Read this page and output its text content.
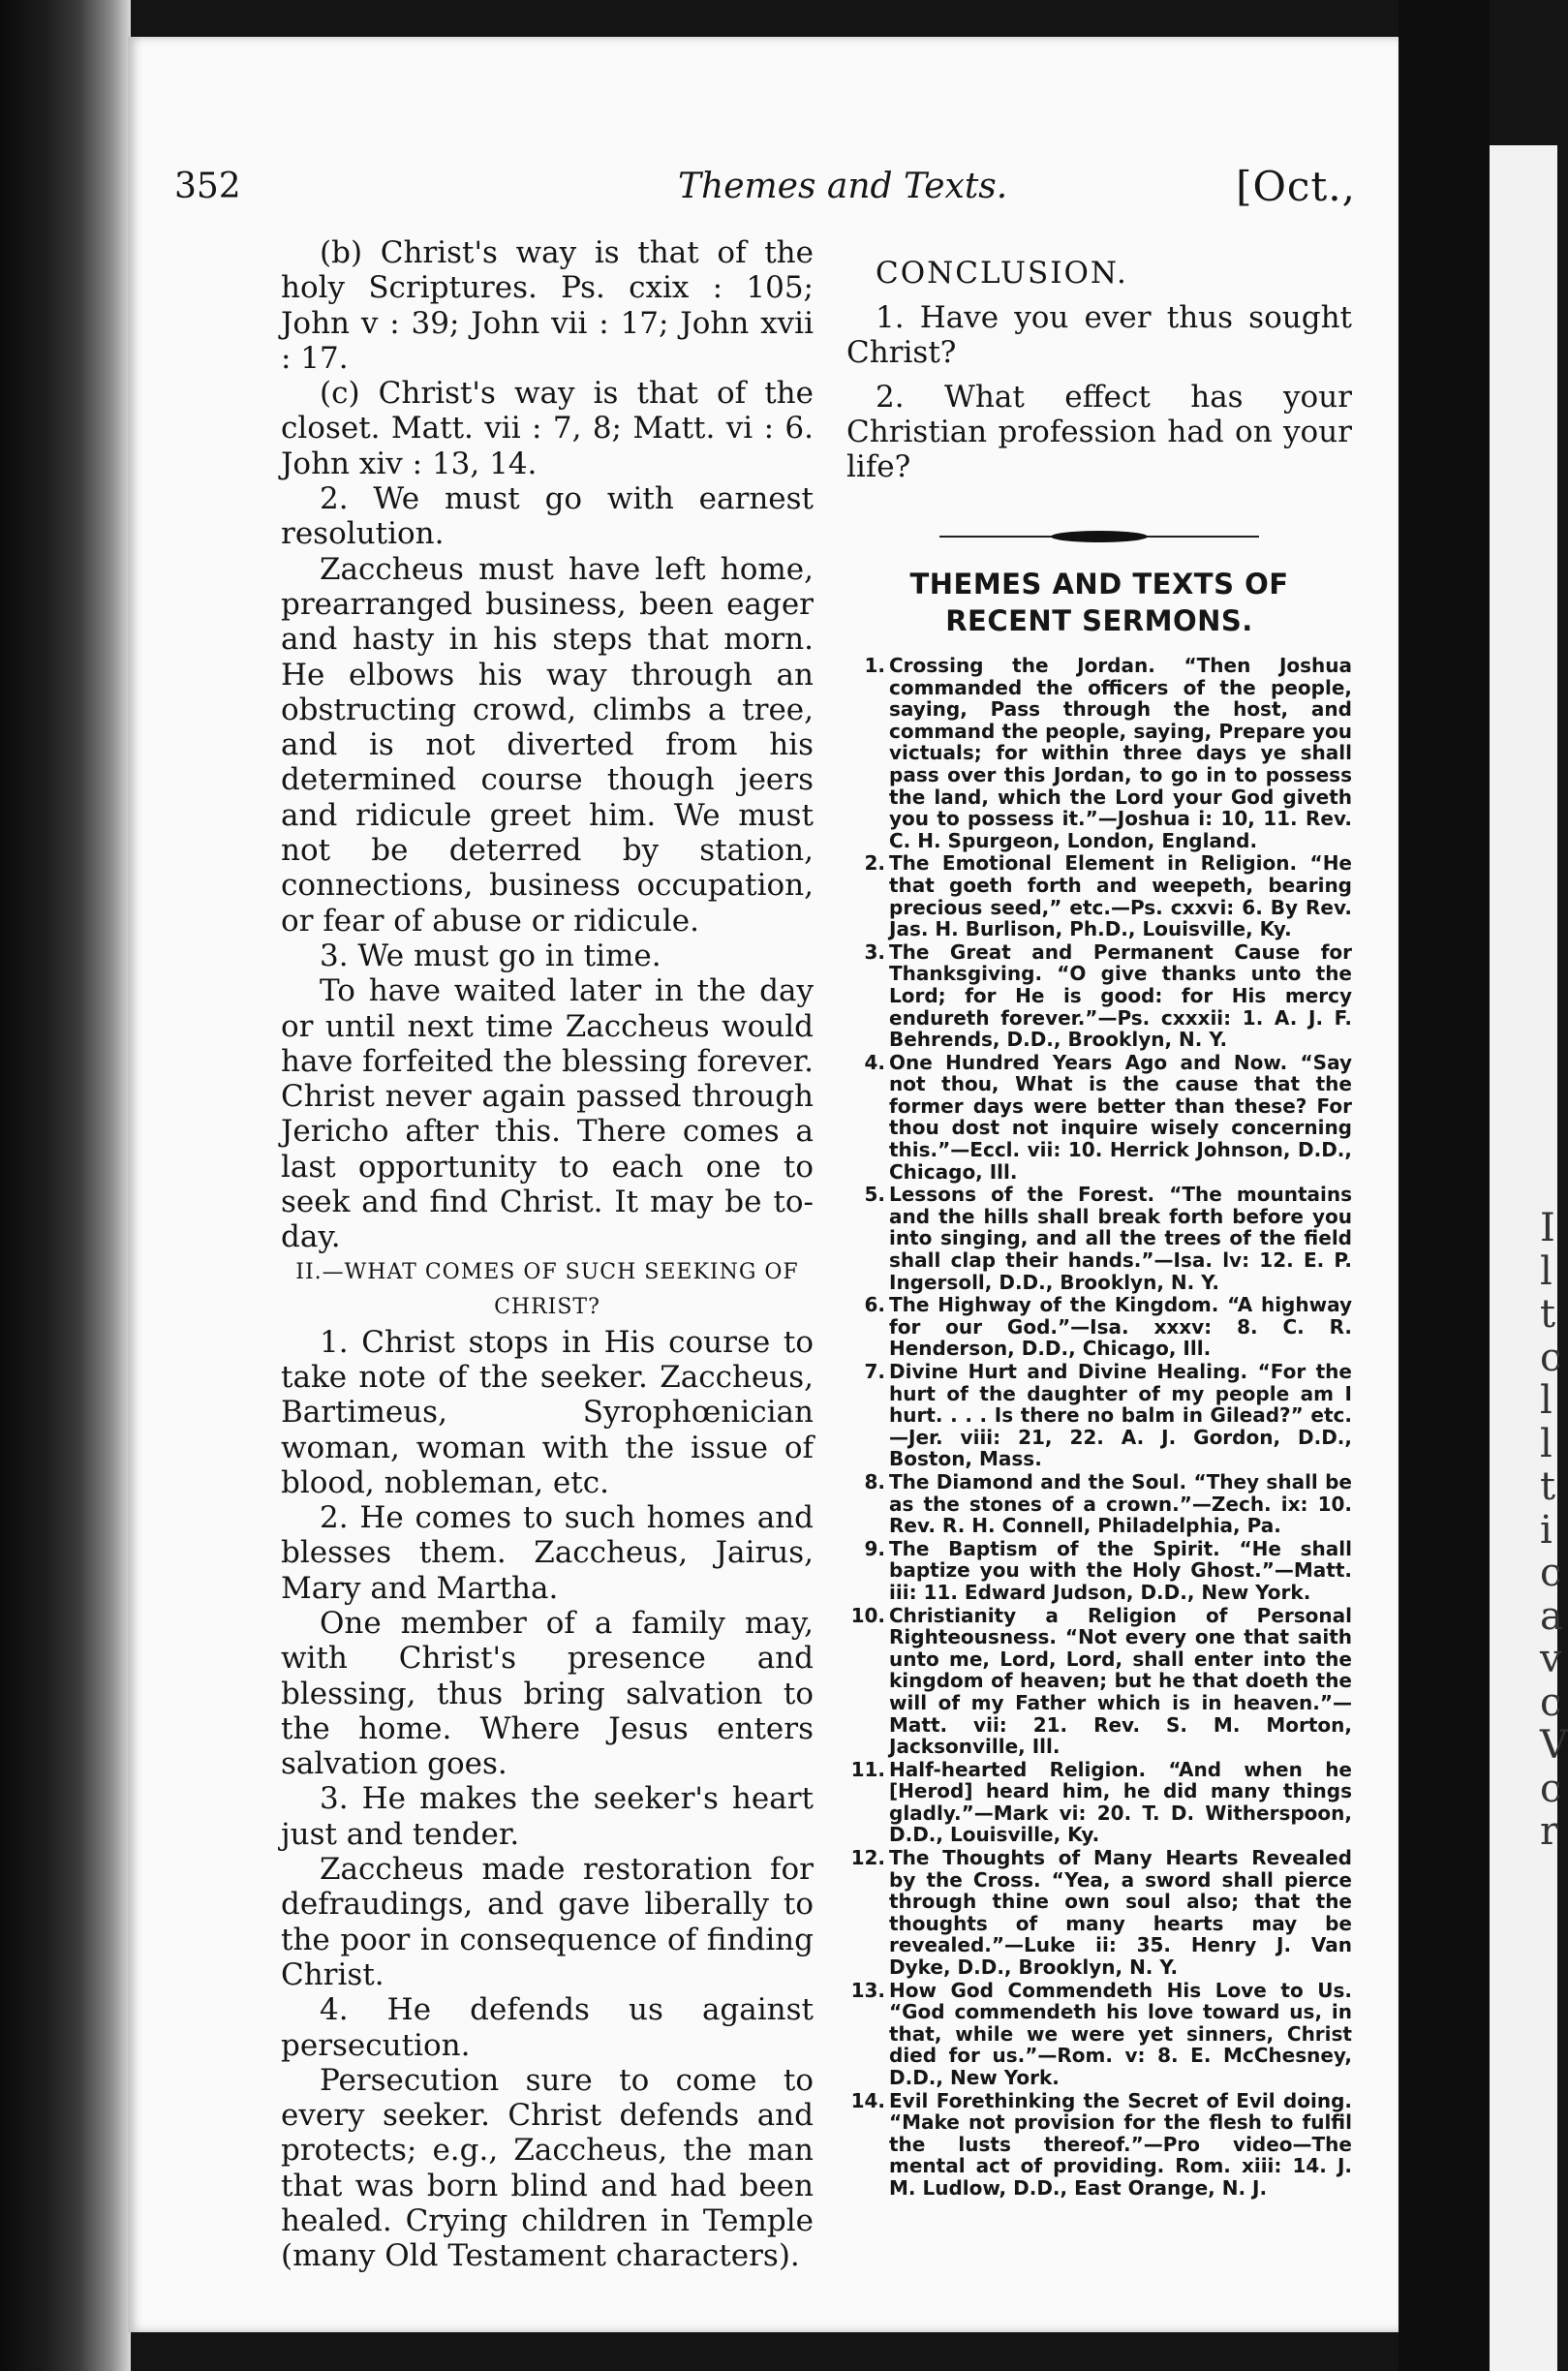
I
l
t
c
l
l
t
i
c
a
v
c
V
c
r
352	Themes and Texts.	[Oct.,

(b) Christ's way is that of the holy Scriptures. Ps. cxix : 105; John v : 39; John vii : 17; John xvii : 17.

(c) Christ's way is that of the closet. Matt. vii : 7, 8; Matt. vi : 6. John xiv : 13, 14.

2. We must go with earnest resolution.

Zaccheus must have left home, prearranged business, been eager and hasty in his steps that morn. He elbows his way through an obstructing crowd, climbs a tree, and is not diverted from his determined course though jeers and ridicule greet him. We must not be deterred by station, connections, business occupation, or fear of abuse or ridicule.

3. We must go in time.

To have waited later in the day or until next time Zaccheus would have forfeited the blessing forever. Christ never again passed through Jericho after this. There comes a last opportunity to each one to seek and find Christ. It may be to-day.

II.—WHAT COMES OF SUCH SEEKING OF CHRIST?

1. Christ stops in His course to take note of the seeker. Zaccheus, Bartimeus, Syrophœnician woman, woman with the issue of blood, nobleman, etc.

2. He comes to such homes and blesses them. Zaccheus, Jairus, Mary and Martha.

One member of a family may, with Christ's presence and blessing, thus bring salvation to the home. Where Jesus enters salvation goes.

3. He makes the seeker's heart just and tender.

Zaccheus made restoration for defraudings, and gave liberally to the poor in consequence of finding Christ.

4. He defends us against persecution.

Persecution sure to come to every seeker. Christ defends and protects; e.g., Zaccheus, the man that was born blind and had been healed. Crying children in Temple (many Old Testament characters).

CONCLUSION.

1. Have you ever thus sought Christ?

2. What effect has your Christian profession had on your life?

THEMES AND TEXTS OF RECENT SERMONS.
1. Crossing the Jordan. “Then Joshua commanded the officers of the people, saying, Pass through the host, and command the people, saying, Prepare you victuals; for within three days ye shall pass over this Jordan, to go in to possess the land, which the Lord your God giveth you to possess it.”—Joshua i: 10, 11. Rev. C. H. Spurgeon, London, England.
2. The Emotional Element in Religion. “He that goeth forth and weepeth, bearing precious seed,” etc.—Ps. cxxvi: 6. By Rev. Jas. H. Burlison, Ph.D., Louisville, Ky.
3. The Great and Permanent Cause for Thanksgiving. “O give thanks unto the Lord; for He is good: for His mercy endureth forever.”—Ps. cxxxii: 1. A. J. F. Behrends, D.D., Brooklyn, N. Y.
4. One Hundred Years Ago and Now. “Say not thou, What is the cause that the former days were better than these? For thou dost not inquire wisely concerning this.”—Eccl. vii: 10. Herrick Johnson, D.D., Chicago, Ill.
5. Lessons of the Forest. “The mountains and the hills shall break forth before you into singing, and all the trees of the field shall clap their hands.”—Isa. lv: 12. E. P. Ingersoll, D.D., Brooklyn, N. Y.
6. The Highway of the Kingdom. “A highway for our God.”—Isa. xxxv: 8. C. R. Henderson, D.D., Chicago, Ill.
7. Divine Hurt and Divine Healing. “For the hurt of the daughter of my people am I hurt. . . . Is there no balm in Gilead?” etc.—Jer. viii: 21, 22. A. J. Gordon, D.D., Boston, Mass.
8. The Diamond and the Soul. “They shall be as the stones of a crown.”—Zech. ix: 10. Rev. R. H. Connell, Philadelphia, Pa.
9. The Baptism of the Spirit. “He shall baptize you with the Holy Ghost.”—Matt. iii: 11. Edward Judson, D.D., New York.
10. Christianity a Religion of Personal Righteousness. “Not every one that saith unto me, Lord, Lord, shall enter into the kingdom of heaven; but he that doeth the will of my Father which is in heaven.”—Matt. vii: 21. Rev. S. M. Morton, Jacksonville, Ill.
11. Half-hearted Religion. “And when he [Herod] heard him, he did many things gladly.”—Mark vi: 20. T. D. Witherspoon, D.D., Louisville, Ky.
12. The Thoughts of Many Hearts Revealed by the Cross. “Yea, a sword shall pierce through thine own soul also; that the thoughts of many hearts may be revealed.”—Luke ii: 35. Henry J. Van Dyke, D.D., Brooklyn, N. Y.
13. How God Commendeth His Love to Us. “God commendeth his love toward us, in that, while we were yet sinners, Christ died for us.”—Rom. v: 8. E. McChesney, D.D., New York.
14. Evil Forethinking the Secret of Evil doing. “Make not provision for the flesh to fulfil the lusts thereof.”—Pro video—The mental act of providing. Rom. xiii: 14. J. M. Ludlow, D.D., East Orange, N. J.
